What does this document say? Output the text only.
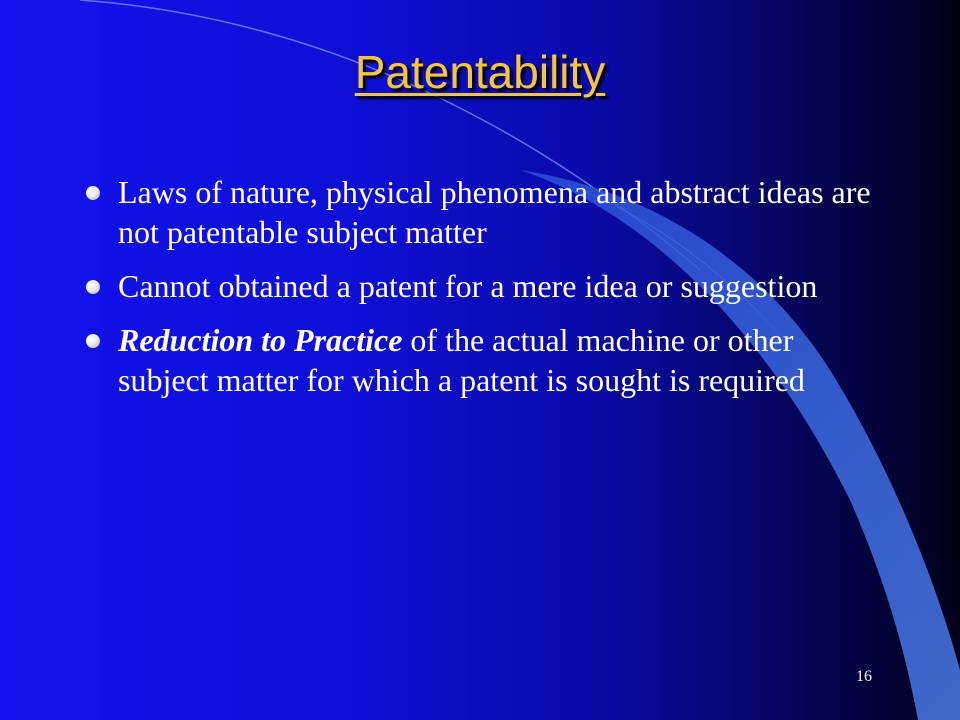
Patentability
Laws of nature, physical phenomena and abstract ideas are not patentable subject matter
Cannot obtained a patent for a mere idea or suggestion
Reduction to Practice of the actual machine or other subject matter for which a patent is sought is required
16
